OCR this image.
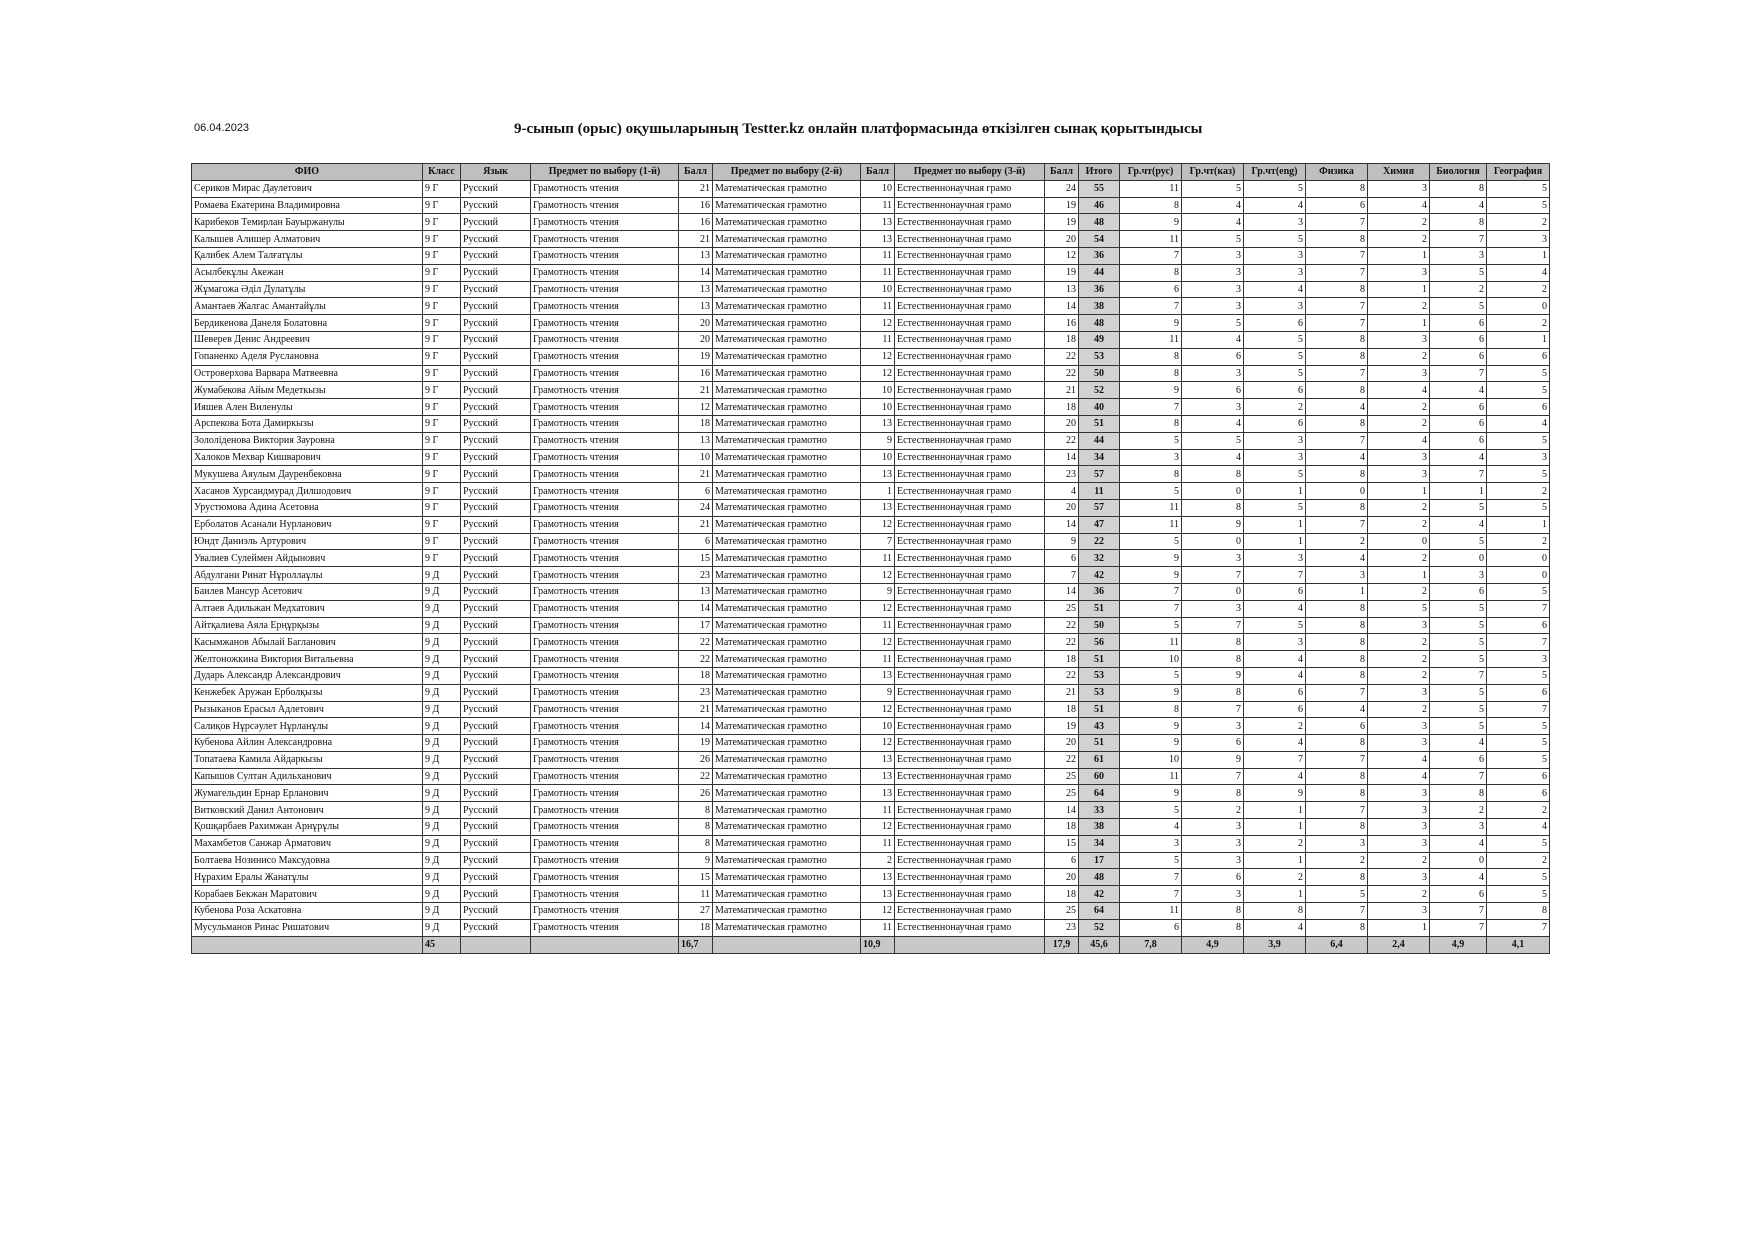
06.04.2023	9-сынып (орыс) оқушыларының Testter.kz онлайн платформасында өткізілген сынақ қорытындысы
ФИО	Класс	Язык	Предмет по выбору (1-й)	Балл	Предмет по выбору (2-й)	Балл	Предмет по выбору (3-й)	Балл	Итого	Гр.чт(рус)	Гр.чт(каз)	Гр.чт(eng)	Физика	Химия	Биология	География
Сериков Мирас Даулетович	9 Г	Русский	Грамотность чтения	21	Математическая грамотно	10	Естественнонаучная грамо	24	55	11	5	5	8	3	8	5
Ромаева Екатерина Владимировна	9 Г	Русский	Грамотность чтения	16	Математическая грамотно	11	Естественнонаучная грамо	19	46	8	4	4	6	4	4	5
Карибеков Темирлан Бауыржанулы	9 Г	Русский	Грамотность чтения	16	Математическая грамотно	13	Естественнонаучная грамо	19	48	9	4	3	7	2	8	2
Калышев Алишер Алматович	9 Г	Русский	Грамотность чтения	21	Математическая грамотно	13	Естественнонаучная грамо	20	54	11	5	5	8	2	7	3
Қалибек Алем Талғатұлы	9 Г	Русский	Грамотность чтения	13	Математическая грамотно	11	Естественнонаучная грамо	12	36	7	3	3	7	1	3	1
Асылбекұлы Акежан	9 Г	Русский	Грамотность чтения	14	Математическая грамотно	11	Естественнонаучная грамо	19	44	8	3	3	7	3	5	4
Жұмагожа Әділ Дулатұлы	9 Г	Русский	Грамотность чтения	13	Математическая грамотно	10	Естественнонаучная грамо	13	36	6	3	4	8	1	2	2
Амантаев Жалгас Амантайұлы	9 Г	Русский	Грамотность чтения	13	Математическая грамотно	11	Естественнонаучная грамо	14	38	7	3	3	7	2	5	0
Бердикенова Данеля Болатовна	9 Г	Русский	Грамотность чтения	20	Математическая грамотно	12	Естественнонаучная грамо	16	48	9	5	6	7	1	6	2
Шеверев Денис Андреевич	9 Г	Русский	Грамотность чтения	20	Математическая грамотно	11	Естественнонаучная грамо	18	49	11	4	5	8	3	6	1
Гопаненко Аделя Руслановна	9 Г	Русский	Грамотность чтения	19	Математическая грамотно	12	Естественнонаучная грамо	22	53	8	6	5	8	2	6	6
Островерхова Варвара Матвеевна	9 Г	Русский	Грамотность чтения	16	Математическая грамотно	12	Естественнонаучная грамо	22	50	8	3	5	7	3	7	5
Жумабекова Айым Медеткызы	9 Г	Русский	Грамотность чтения	21	Математическая грамотно	10	Естественнонаучная грамо	21	52	9	6	6	8	4	4	5
Ияшев Ален Виленулы	9 Г	Русский	Грамотность чтения	12	Математическая грамотно	10	Естественнонаучная грамо	18	40	7	3	2	4	2	6	6
Арспекова Бота Дамиркызы	9 Г	Русский	Грамотность чтения	18	Математическая грамотно	13	Естественнонаучная грамо	20	51	8	4	6	8	2	6	4
Зололіденова Виктория Зауровна	9 Г	Русский	Грамотность чтения	13	Математическая грамотно	9	Естественнонаучная грамо	22	44	5	5	3	7	4	6	5
Халоков Мехвар Кишварович	9 Г	Русский	Грамотность чтения	10	Математическая грамотно	10	Естественнонаучная грамо	14	34	3	4	3	4	3	4	3
Мукушева Аяулым Дауренбековна	9 Г	Русский	Грамотность чтения	21	Математическая грамотно	13	Естественнонаучная грамо	23	57	8	8	5	8	3	7	5
Хасанов Хурсандмурад Дилшодович	9 Г	Русский	Грамотность чтения	6	Математическая грамотно	1	Естественнонаучная грамо	4	11	5	0	1	0	1	1	2
Урустюмова Адина Асетовна	9 Г	Русский	Грамотность чтения	24	Математическая грамотно	13	Естественнонаучная грамо	20	57	11	8	5	8	2	5	5
Ерболатов Асанали Нурланович	9 Г	Русский	Грамотность чтения	21	Математическая грамотно	12	Естественнонаучная грамо	14	47	11	9	1	7	2	4	1
Юндт Даниэль Артурович	9 Г	Русский	Грамотность чтения	6	Математическая грамотно	7	Естественнонаучная грамо	9	22	5	0	1	2	0	5	2
Увалиев Сулеймен Айдынович	9 Г	Русский	Грамотность чтения	15	Математическая грамотно	11	Естественнонаучная грамо	6	32	9	3	3	4	2	0	0
Абдулгани Ринат Нұроллаұлы	9 Д	Русский	Грамотность чтения	23	Математическая грамотно	12	Естественнонаучная грамо	7	42	9	7	7	3	1	3	0
Баилев Мансур Асетович	9 Д	Русский	Грамотность чтения	13	Математическая грамотно	9	Естественнонаучная грамо	14	36	7	0	6	1	2	6	5
Алтаев Адильжан Медхатович	9 Д	Русский	Грамотность чтения	14	Математическая грамотно	12	Естественнонаучная грамо	25	51	7	3	4	8	5	5	7
Айтқалиева Аяла Ерңұрқызы	9 Д	Русский	Грамотность чтения	17	Математическая грамотно	11	Естественнонаучная грамо	22	50	5	7	5	8	3	5	6
Касымжанов Абылай Багланович	9 Д	Русский	Грамотность чтения	22	Математическая грамотно	12	Естественнонаучная грамо	22	56	11	8	3	8	2	5	7
Желтоножкина Виктория Витальевна	9 Д	Русский	Грамотность чтения	22	Математическая грамотно	11	Естественнонаучная грамо	18	51	10	8	4	8	2	5	3
Дударь Александр Александрович	9 Д	Русский	Грамотность чтения	18	Математическая грамотно	13	Естественнонаучная грамо	22	53	5	9	4	8	2	7	5
Кенжебек Аружан Ерболқызы	9 Д	Русский	Грамотность чтения	23	Математическая грамотно	9	Естественнонаучная грамо	21	53	9	8	6	7	3	5	6
Рызыканов Ерасыл Адлетович	9 Д	Русский	Грамотность чтения	21	Математическая грамотно	12	Естественнонаучная грамо	18	51	8	7	6	4	2	5	7
Салиқов Нұрсәулет Нұрланұлы	9 Д	Русский	Грамотность чтения	14	Математическая грамотно	10	Естественнонаучная грамо	19	43	9	3	2	6	3	5	5
Кубенова Айлин Александровна	9 Д	Русский	Грамотность чтения	19	Математическая грамотно	12	Естественнонаучная грамо	20	51	9	6	4	8	3	4	5
Топатаева Камила Айдаркызы	9 Д	Русский	Грамотность чтения	26	Математическая грамотно	13	Естественнонаучная грамо	22	61	10	9	7	7	4	6	5
Капышов Султан Адильханович	9 Д	Русский	Грамотность чтения	22	Математическая грамотно	13	Естественнонаучная грамо	25	60	11	7	4	8	4	7	6
Жумагельдин Ернар Ерланович	9 Д	Русский	Грамотность чтения	26	Математическая грамотно	13	Естественнонаучная грамо	25	64	9	8	9	8	3	8	6
Витковский Данил Антонович	9 Д	Русский	Грамотность чтения	8	Математическая грамотно	11	Естественнонаучная грамо	14	33	5	2	1	7	3	2	2
Қошқарбаев Рахимжан Арнұрұлы	9 Д	Русский	Грамотность чтения	8	Математическая грамотно	12	Естественнонаучная грамо	18	38	4	3	1	8	3	3	4
Махамбетов Санжар Арматович	9 Д	Русский	Грамотность чтения	8	Математическая грамотно	11	Естественнонаучная грамо	15	34	3	3	2	3	3	4	5
Болтаева Нозинисо Максудовна	9 Д	Русский	Грамотность чтения	9	Математическая грамотно	2	Естественнонаучная грамо	6	17	5	3	1	2	2	0	2
Нұрахим Ералы Жанатұлы	9 Д	Русский	Грамотность чтения	15	Математическая грамотно	13	Естественнонаучная грамо	20	48	7	6	2	8	3	4	5
Корабаев Бекжан Маратович	9 Д	Русский	Грамотность чтения	11	Математическая грамотно	13	Естественнонаучная грамо	18	42	7	3	1	5	2	6	5
Кубенова Роза Аскатовна	9 Д	Русский	Грамотность чтения	27	Математическая грамотно	12	Естественнонаучная грамо	25	64	11	8	8	7	3	7	8
Мусульманов Ринас Ришатович	9 Д	Русский	Грамотность чтения	18	Математическая грамотно	11	Естественнонаучная грамо	23	52	6	8	4	8	1	7	7
	45			16,7		10,9		17,9	45,6	7,8	4,9	3,9	6,4	2,4	4,9	4,1
